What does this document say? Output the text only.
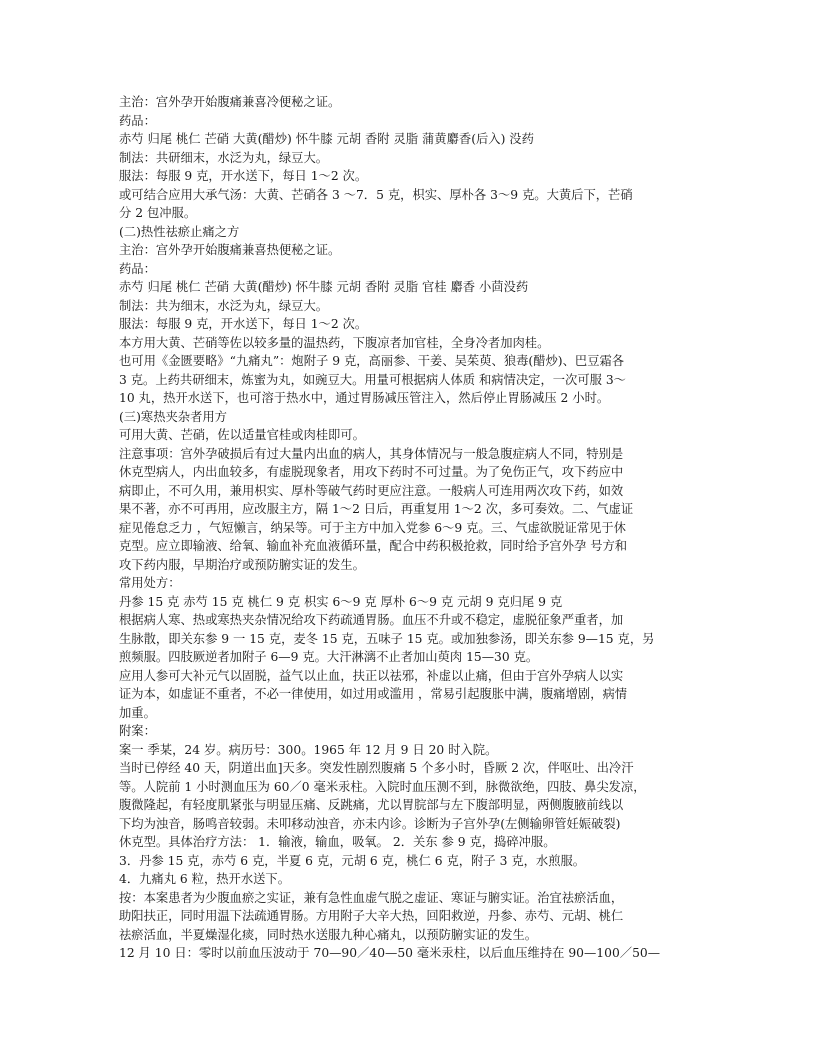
主治：宫外孕开始腹痛兼喜冷便秘之证。
药品：
赤芍 归尾 桃仁 芒硝 大黄(醋炒) 怀牛膝 元胡 香附 灵脂 蒲黄麝香(后入) 没药
制法：共研细末，水泛为丸，绿豆大。
服法：每服 9 克，开水送下，每日 1～2 次。
或可结合应用大承气汤：大黄、芒硝各 3 ～7．5 克，枳实、厚朴各 3～9 克。大黄后下，芒硝
分 2 包冲服。
(二)热性祛瘀止痛之方
主治：宫外孕开始腹痛兼喜热便秘之证。
药品：
赤芍 归尾 桃仁 芒硝 大黄(醋炒) 怀牛膝 元胡 香附 灵脂 官桂 麝香 小茴没药
制法：共为细末，水泛为丸，绿豆大。
服法：每服 9 克，开水送下，每日 1～2 次。
本方用大黄、芒硝等佐以较多量的温热药，下腹凉者加官桂，全身冷者加肉桂。
也可用《金匮要略》“九痛丸”：炮附子 9 克，高丽参、干姜、吴茱萸、狼毒(醋炒)、巴豆霜各
3 克。上药共研细末，炼蜜为丸，如豌豆大。用量可根据病人体质 和病情决定，一次可服 3～
10 丸，热开水送下，也可溶于热水中，通过胃肠减压管注入，然后停止胃肠减压 2 小时。
(三)寒热夹杂者用方
可用大黄、芒硝，佐以适量官桂或肉桂即可。
注意事项：宫外孕破损后有过大量内出血的病人，其身体情况与一般急腹症病人不同，特别是
休克型病人，内出血较多，有虚脱现象者，用攻下药时不可过量。为了免伤正气，攻下药应中
病即止，不可久用，兼用枳实、厚朴等破气药时更应注意。一般病人可连用两次攻下药，如效
果不著，亦不可再用，应改服主方，隔 1～2 日后，再重复用 1～2 次，多可奏效。二、气虚证
症见倦怠乏力 ，气短懒言，纳呆等。可于主方中加入党参 6～9 克。三、气虚欲脱证常见于休
克型。应立即输液、给氧、输血补充血液循环量，配合中药积极抢救，同时给予宫外孕 号方和
攻下药内服，早期治疗或预防腑实证的发生。
常用处方：
丹参 15 克 赤芍 15 克 桃仁 9 克 枳实 6～9 克 厚朴 6～9 克 元胡 9 克归尾 9 克
根据病人寒、热或寒热夹杂情况给攻下药疏通胃肠。血压不升或不稳定，虚脱征象严重者，加
生脉散，即关东参 9 一 15 克，麦冬 15 克，五味子 15 克。或加独参汤，即关东参 9—15 克，另
煎频服。四肢厥逆者加附子 6—9 克。大汗淋漓不止者加山萸肉 15—30 克。
应用人参可大补元气以固脱，益气以止血，扶正以祛邪，补虚以止痛，但由于宫外孕病人以实
证为本，如虚证不重者，不必一律使用，如过用或滥用 ，常易引起腹胀中满，腹痛增剧，病情
加重。
附案：
案一 季某，24 岁。病历号：300。1965 年 12 月 9 日 20 时入院。
当时已停经 40 天，阴道出血]天多。突发性剧烈腹痛 5 个多小时，昏厥 2 次，伴呕吐、出冷汗
等。人院前 1 小时测血压为 60／0 毫米汞柱。入院时血压测不到，脉微欲绝，四肢、鼻尖发凉，
腹微隆起，有轻度肌紧张与明显压痛、反跳痛，尤以胃脘部与左下腹部明显，两侧腹腋前线以
下均为浊音，肠鸣音较弱。未叩移动浊音，亦未内诊。诊断为子宫外孕(左侧输卵管妊娠破裂)
休克型。具体治疗方法： 1．输液，输血，吸氧。 2．关东 参 9 克，捣碎冲服。
3．丹参 15 克，赤芍 6 克，半夏 6 克，元胡 6 克，桃仁 6 克，附子 3 克，水煎服。
4．九痛丸 6 粒，热开水送下。
按：本案患者为少腹血瘀之实证，兼有急性血虚气脱之虚证、寒证与腑实证。治宜祛瘀活血，
助阳扶正，同时用温下法疏通胃肠。方用附子大辛大热，回阳救逆，丹参、赤芍、元胡、桃仁
祛瘀活血，半夏燥湿化痰，同时热水送服九种心痛丸，以预防腑实证的发生。
12 月 10 日：零时以前血压波动于 70—90／40—50 毫米汞柱，以后血压维持在 90—100／50—
